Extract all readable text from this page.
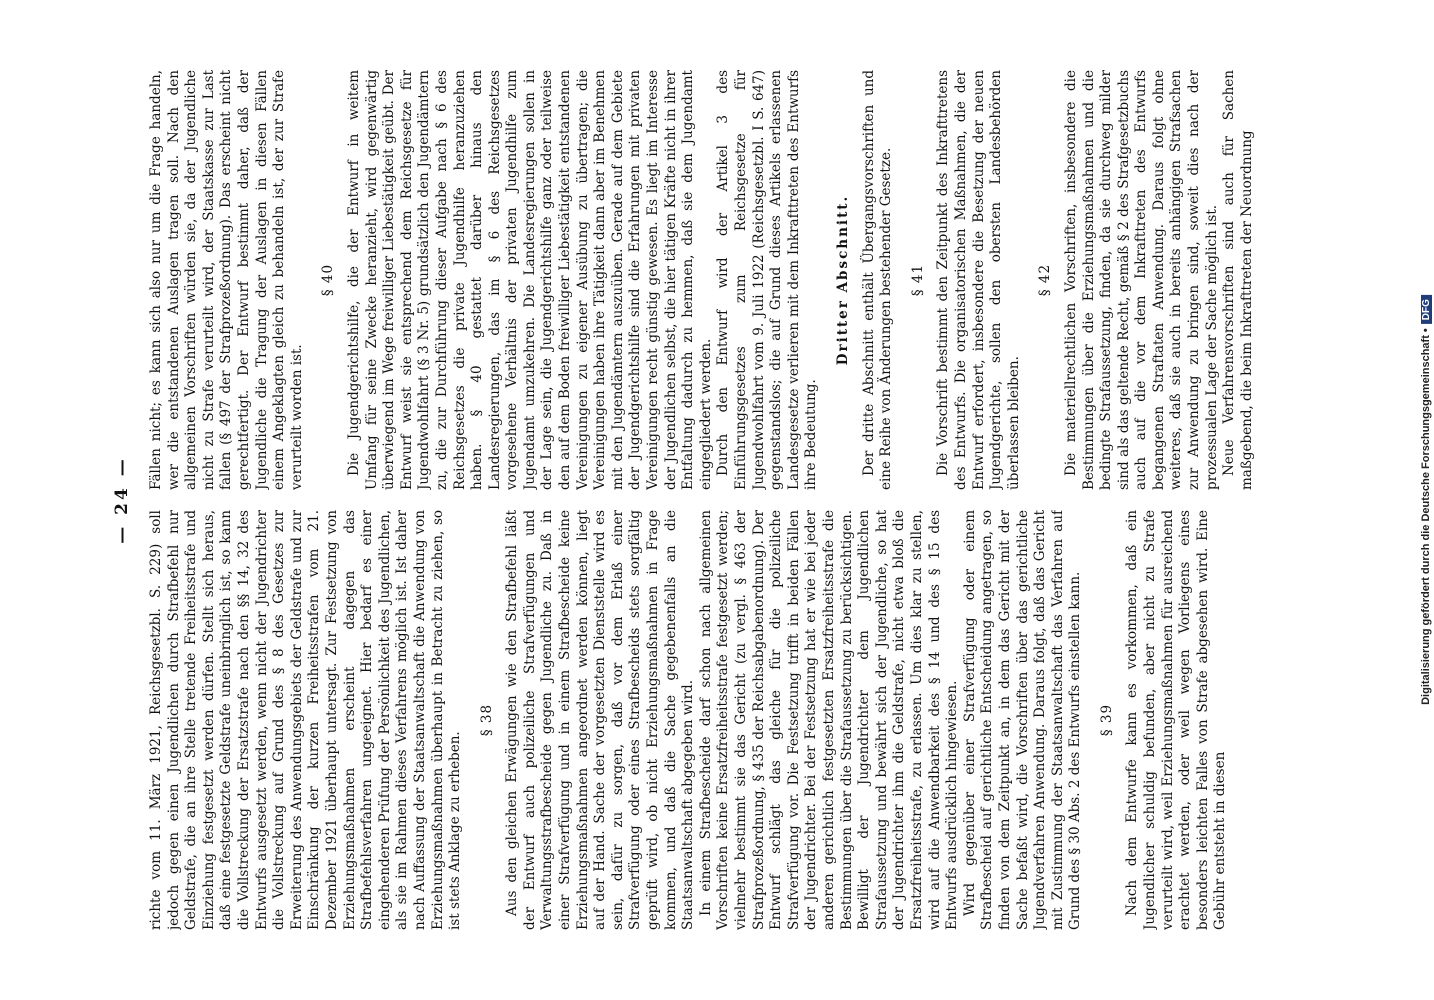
— 24 —

richte vom 11. März 1921, Reichsgesetzbl. S. 229) soll jedoch gegen einen Jugendlichen durch Strafbefehl nur Geldstrafe, die an ihre Stelle tretende Freiheitsstrafe und Einziehung festgesetzt werden dürfen. Stellt sich heraus, daß eine festgesetzte Geldstrafe uneinbringlich ist, so kann die Vollstreckung der Ersatzstrafe nach den §§ 14, 32 des Entwurfs ausgesetzt werden, wenn nicht der Jugendrichter die Vollstreckung auf Grund des § 8 des Gesetzes zur Erweiterung des Anwendungsgebiets der Geldstrafe und zur Einschränkung der kurzen Freiheitsstrafen vom 21. Dezember 1921 überhaupt untersagt. Zur Festsetzung von Erziehungsmaßnahmen erscheint dagegen das Strafbefehlsverfahren ungeeignet. Hier bedarf es einer eingehenderen Prüfung der Persönlichkeit des Jugendlichen, als sie im Rahmen dieses Verfahrens möglich ist. Ist daher nach Auffassung der Staatsanwaltschaft die Anwendung von Erziehungsmaßnahmen überhaupt in Betracht zu ziehen, so ist stets Anklage zu erheben.

§ 38 Aus den gleichen Erwägungen wie den Strafbefehl läßt der Entwurf auch polizeiliche Strafverfügungen und Verwaltungsstrafbescheide gegen Jugendliche zu. Daß in einer Strafverfügung und in einem Strafbescheide keine Erziehungsmaßnahmen angeordnet werden können, liegt auf der Hand. Sache der vorgesetzten Dienststelle wird es sein, dafür zu sorgen, daß vor dem Erlaß einer Strafverfügung oder eines Strafbescheids stets sorgfältig geprüft wird, ob nicht Erziehungsmaßnahmen in Frage kommen, und daß die Sache gegebenenfalls an die Staatsanwaltschaft abgegeben wird. In einem Strafbescheide darf schon nach allgemeinen Vorschriften keine Ersatzfreiheitsstrafe festgesetzt werden; vielmehr bestimmt sie das Gericht (zu vergl. § 463 der Strafprozeßordnung, § 435 der Reichsabgabenordnung). Der Entwurf schlägt das gleiche für die polizeiliche Strafverfügung vor. Die Festsetzung trifft in beiden Fällen der Jugendrichter. Bei der Festsetzung hat er wie bei jeder anderen gerichtlich festgesetzten Ersatzfreiheitsstrafe die Bestimmungen über die Strafaussetzung zu berücksichtigen. Bewilligt der Jugendrichter dem Jugendlichen Strafaussetzung und bewährt sich der Jugendliche, so hat der Jugendrichter ihm die Geldstrafe, nicht etwa bloß die Ersatzfreiheitsstrafe, zu erlassen. Um dies klar zu stellen, wird auf die Anwendbarkeit des § 14 und des § 15 des Entwurfs ausdrücklich hingewiesen. Wird gegenüber einer Strafverfügung oder einem Strafbescheid auf gerichtliche Entscheidung angetragen, so finden von dem Zeitpunkt an, in dem das Gericht mit der Sache befaßt wird, die Vorschriften über das gerichtliche Jugendverfahren Anwendung. Daraus folgt, daß das Gericht mit Zustimmung der Staatsanwaltschaft das Verfahren auf Grund des § 30 Abs. 2 des Entwurfs einstellen kann. § 39 Nach dem Entwurfe kann es vorkommen, daß ein Jugendlicher schuldig befunden, aber nicht zu Strafe verurteilt wird, weil Erziehungsmaßnahmen für ausreichend erachtet werden, oder weil wegen Vorliegens eines besonders leichten Falles von Strafe abgesehen wird. Eine Gebühr entsteht in diesen

Fällen nicht; es kann sich also nur um die Frage handeln, wer die entstandenen Auslagen tragen soll. Nach den allgemeinen Vorschriften würden sie, da der Jugendliche nicht zu Strafe verurteilt wird, der Staatskasse zur Last fallen (§ 497 der Strafprozeßordnung). Das erscheint nicht gerechtfertigt. Der Entwurf bestimmt daher, daß der Jugendliche die Tragung der Auslagen in diesen Fällen einem Angeklagten gleich zu behandeln ist, der zur Strafe verurteilt worden ist.

§ 40 Die Jugendgerichtshilfe, die der Entwurf in weitem Umfang für seine Zwecke heranzieht, wird gegenwärtig überwiegend im Wege freiwilliger Liebestätigkeit geübt. Der Entwurf weist sie entsprechend dem Reichsgesetze für Jugendwohlfahrt (§ 3 Nr. 5) grundsätzlich den Jugendämtern zu, die zur Durchführung dieser Aufgabe nach § 6 des Reichsgesetzes die private Jugendhilfe heranzuziehen haben. § 40 gestattet darüber hinaus den Landesregierungen, das im § 6 des Reichsgesetzes vorgesehene Verhältnis der privaten Jugendhilfe zum Jugendamt umzukehren. Die Landesregierungen sollen in der Lage sein, die Jugendgerichtshilfe ganz oder teilweise den auf dem Boden freiwilliger Liebestätigkeit entstandenen Vereinigungen zu eigener Ausübung zu übertragen; die Vereinigungen haben ihre Tätigkeit dann aber im Benehmen mit den Jugendämtern auszuüben. Gerade auf dem Gebiete der Jugendgerichtshilfe sind die Erfahrungen mit privaten Vereinigungen recht günstig gewesen. Es liegt im Interesse der Jugendlichen selbst, die hier tätigen Kräfte nicht in ihrer Entfaltung dadurch zu hemmen, daß sie dem Jugendamt eingegliedert werden. Durch den Entwurf wird der Artikel 3 des Einführungsgesetzes zum Reichsgesetze für Jugendwohlfahrt vom 9. Juli 1922 (Reichsgesetzbl. I S. 647) gegenstandslos; die auf Grund dieses Artikels erlassenen Landesgesetze verlieren mit dem Inkrafttreten des Entwurfs ihre Bedeutung.

Dritter Abschnitt. Der dritte Abschnitt enthält Übergangsvorschriften und eine Reihe von Änderungen bestehender Gesetze. § 41 Die Vorschrift bestimmt den Zeitpunkt des Inkrafttretens des Entwurfs. Die organisatorischen Maßnahmen, die der Entwurf erfordert, insbesondere die Besetzung der neuen Jugendgerichte, sollen den obersten Landesbehörden überlassen bleiben.

§ 42 Die materiellrechtlichen Vorschriften, insbesondere die Bestimmungen über die Erziehungsmaßnahmen und die bedingte Strafaussetzung, finden, da sie durchweg milder sind als das geltende Recht, gemäß § 2 des Strafgesetzbuchs auch auf die vor dem Inkrafttreten des Entwurfs begangenen Straftaten Anwendung. Daraus folgt ohne weiteres, daß sie auch in bereits anhängigen Strafsachen zur Anwendung zu bringen sind, soweit dies nach der prozessualen Lage der Sache möglich ist. Neue Verfahrensvorschriften sind auch für Sachen maßgebend, die beim Inkrafttreten der Neuordnung

Digitalisierung gefördert durch die Deutsche Forschungsgemeinschaft •DFG
